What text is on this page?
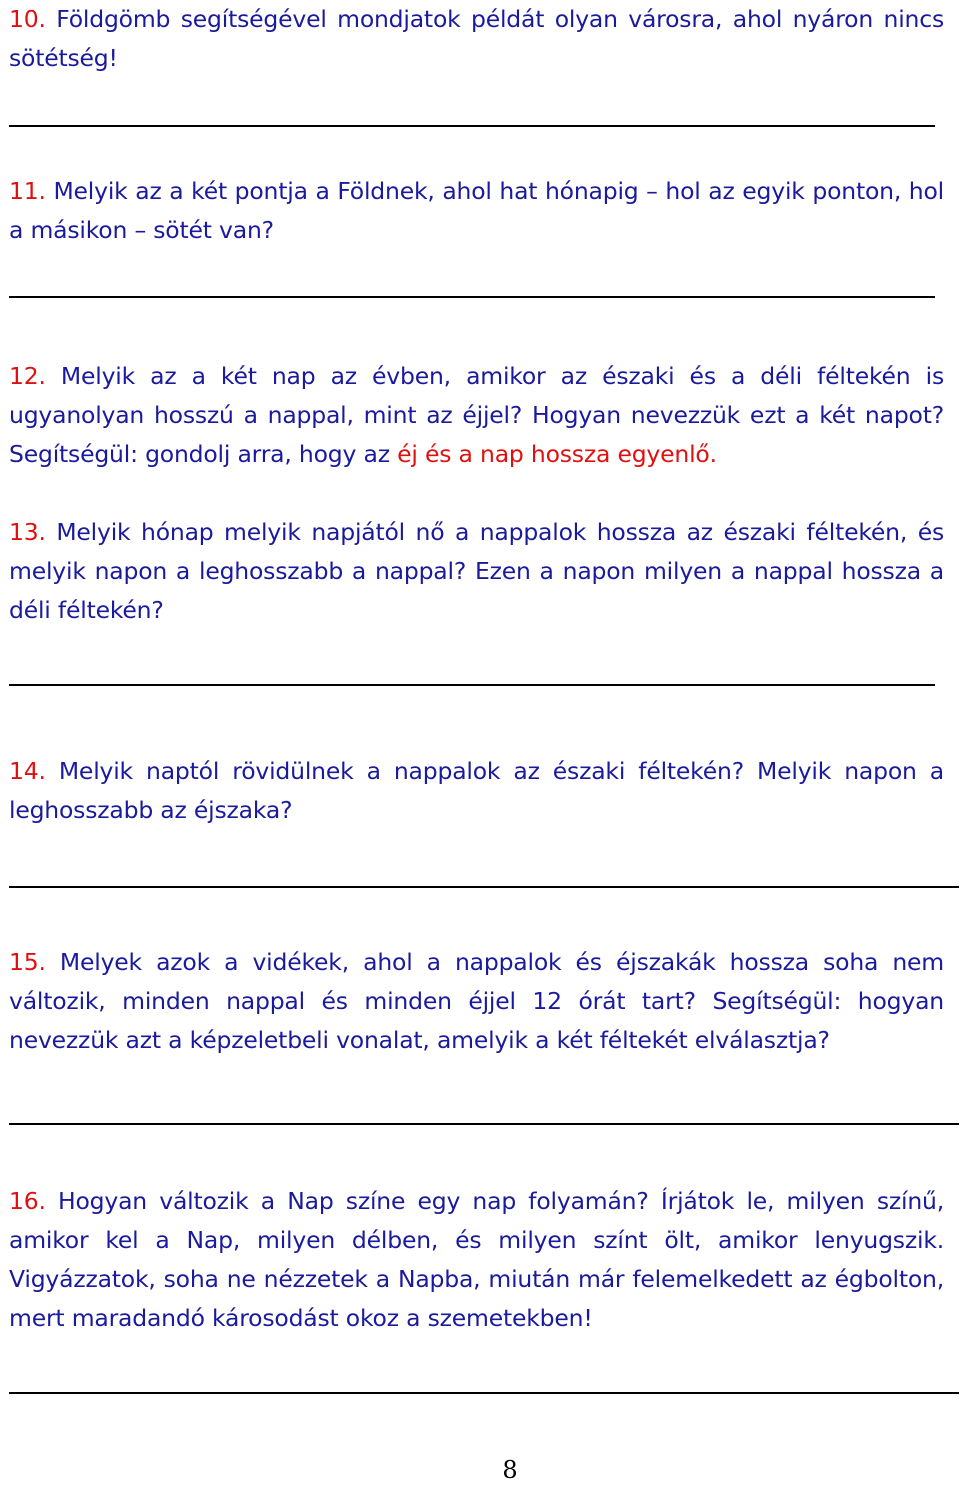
10. Földgömb segítségével mondjatok példát olyan városra, ahol nyáron nincs sötétség!
11. Melyik az a két pontja a Földnek, ahol hat hónapig – hol az egyik ponton, hol a másikon – sötét van?
12. Melyik az a két nap az évben, amikor az északi és a déli féltekén is ugyanolyan hosszú a nappal, mint az éjjel? Hogyan nevezzük ezt a két napot? Segítségül: gondolj arra, hogy az éj és a nap hossza egyenlő.
13. Melyik hónap melyik napjától nő a nappalok hossza az északi féltekén, és melyik napon a leghosszabb a nappal? Ezen a napon milyen a nappal hossza a déli féltekén?
14. Melyik naptól rövidülnek a nappalok az északi féltekén? Melyik napon a leghosszabb az éjszaka?
15. Melyek azok a vidékek, ahol a nappalok és éjszakák hossza soha nem változik, minden nappal és minden éjjel 12 órát tart? Segítségül: hogyan nevezzük azt a képzeletbeli vonalat, amelyik a két féltekét elválasztja?
16. Hogyan változik a Nap színe egy nap folyamán? Írjátok le, milyen színű, amikor kel a Nap, milyen délben, és milyen színt ölt, amikor lenyugszik. Vigyázzatok, soha ne nézzetek a Napba, miután már felemelkedett az égbolton, mert maradandó károsodást okoz a szemetekben!
8
